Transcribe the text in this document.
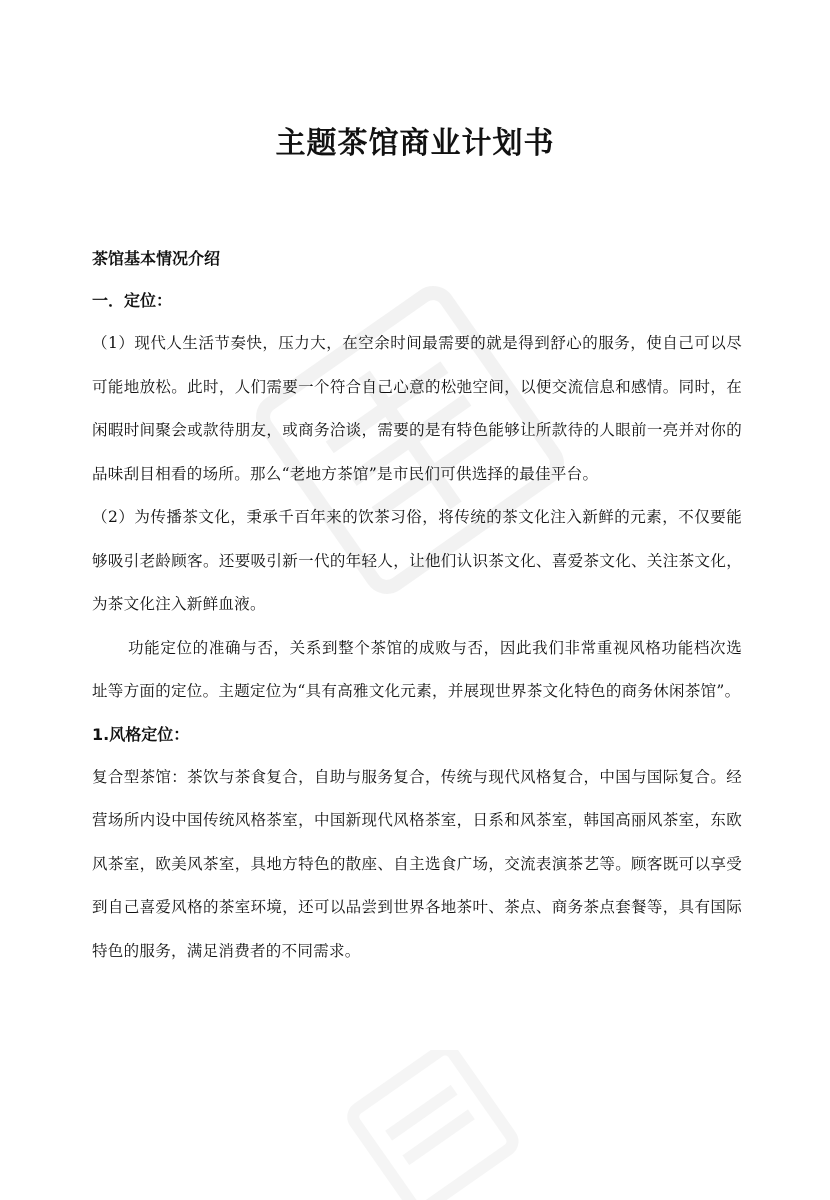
主题茶馆商业计划书

茶馆基本情况介绍

一．定位：

（1）现代人生活节奏快，压力大，在空余时间最需要的就是得到舒心的服务，使自己可以尽可能地放松。此时，人们需要一个符合自己心意的松弛空间，以便交流信息和感情。同时，在闲暇时间聚会或款待朋友，或商务洽谈，需要的是有特色能够让所款待的人眼前一亮并对你的品味刮目相看的场所。那么“老地方茶馆”是市民们可供选择的最佳平台。

（2）为传播茶文化，秉承千百年来的饮茶习俗，将传统的茶文化注入新鲜的元素，不仅要能够吸引老龄顾客。还要吸引新一代的年轻人，让他们认识茶文化、喜爱茶文化、关注茶文化，为茶文化注入新鲜血液。

功能定位的准确与否，关系到整个茶馆的成败与否，因此我们非常重视风格功能档次选址等方面的定位。主题定位为“具有高雅文化元素，并展现世界茶文化特色的商务休闲茶馆”。

1.风格定位：

复合型茶馆：茶饮与茶食复合，自助与服务复合，传统与现代风格复合，中国与国际复合。经营场所内设中国传统风格茶室，中国新现代风格茶室，日系和风茶室，韩国高丽风茶室，东欧风茶室，欧美风茶室，具地方特色的散座、自主选食广场，交流表演茶艺等。顾客既可以享受到自己喜爱风格的茶室环境，还可以品尝到世界各地茶叶、茶点、商务茶点套餐等，具有国际特色的服务，满足消费者的不同需求。
